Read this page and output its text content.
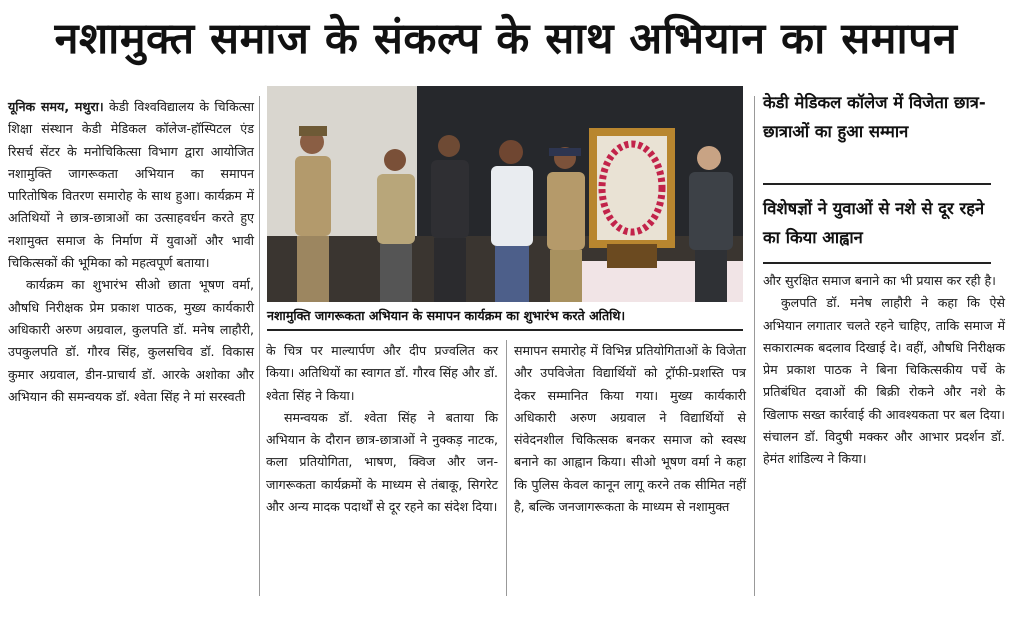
नशामुक्त समाज के संकल्प के साथ अभियान का समापन

यूनिक समय, मथुरा। केडी विश्वविद्यालय के चिकित्सा शिक्षा संस्थान केडी मेडिकल कॉलेज-हॉस्पिटल एंड रिसर्च सेंटर के मनोचिकित्सा विभाग द्वारा आयोजित नशामुक्ति जागरूकता अभियान का समापन पारितोषिक वितरण समारोह के साथ हुआ। कार्यक्रम में अतिथियों ने छात्र-छात्राओं का उत्साहवर्धन करते हुए नशामुक्त समाज के निर्माण में युवाओं और भावी चिकित्सकों की भूमिका को महत्वपूर्ण बताया।

कार्यक्रम का शुभारंभ सीओ छाता भूषण वर्मा, औषधि निरीक्षक प्रेम प्रकाश पाठक, मुख्य कार्यकारी अधिकारी अरुण अग्रवाल, कुलपति डॉ. मनेष लाहौरी, उपकुलपति डॉ. गौरव सिंह, कुलसचिव डॉ. विकास कुमार अग्रवाल, डीन-प्राचार्य डॉ. आरके अशोका और अभियान की समन्वयक डॉ. श्वेता सिंह ने मां सरस्वती

नशामुक्ति जागरूकता अभियान के समापन कार्यक्रम का शुभारंभ करते अतिथि।

के चित्र पर माल्यार्पण और दीप प्रज्वलित कर किया। अतिथियों का स्वागत डॉ. गौरव सिंह और डॉ. श्वेता सिंह ने किया।

समन्वयक डॉ. श्वेता सिंह ने बताया कि अभियान के दौरान छात्र-छात्राओं ने नुक्कड़ नाटक, कला प्रतियोगिता, भाषण, क्विज और जन-जागरूकता कार्यक्रमों के माध्यम से तंबाकू, सिगरेट और अन्य मादक पदार्थों से दूर रहने का संदेश दिया।

समापन समारोह में विभिन्न प्रतियोगिताओं के विजेता और उपविजेता विद्यार्थियों को ट्रॉफी-प्रशस्ति पत्र देकर सम्मानित किया गया। मुख्य कार्यकारी अधिकारी अरुण अग्रवाल ने विद्यार्थियों से संवेदनशील चिकित्सक बनकर समाज को स्वस्थ बनाने का आह्वान किया। सीओ भूषण वर्मा ने कहा कि पुलिस केवल कानून लागू करने तक सीमित नहीं है, बल्कि जनजागरूकता के माध्यम से नशामुक्त

केडी मेडिकल कॉलेज में विजेता छात्र-छात्राओं का हुआ सम्मान
विशेषज्ञों ने युवाओं से नशे से दूर रहने का किया आह्वान

और सुरक्षित समाज बनाने का भी प्रयास कर रही है।

कुलपति डॉ. मनेष लाहौरी ने कहा कि ऐसे अभियान लगातार चलते रहने चाहिए, ताकि समाज में सकारात्मक बदलाव दिखाई दे। वहीं, औषधि निरीक्षक प्रेम प्रकाश पाठक ने बिना चिकित्सकीय पर्चे के प्रतिबंधित दवाओं की बिक्री रोकने और नशे के खिलाफ सख्त कार्रवाई की आवश्यकता पर बल दिया। संचालन डॉ. विदुषी मक्कर और आभार प्रदर्शन डॉ. हेमंत शांडिल्य ने किया।
